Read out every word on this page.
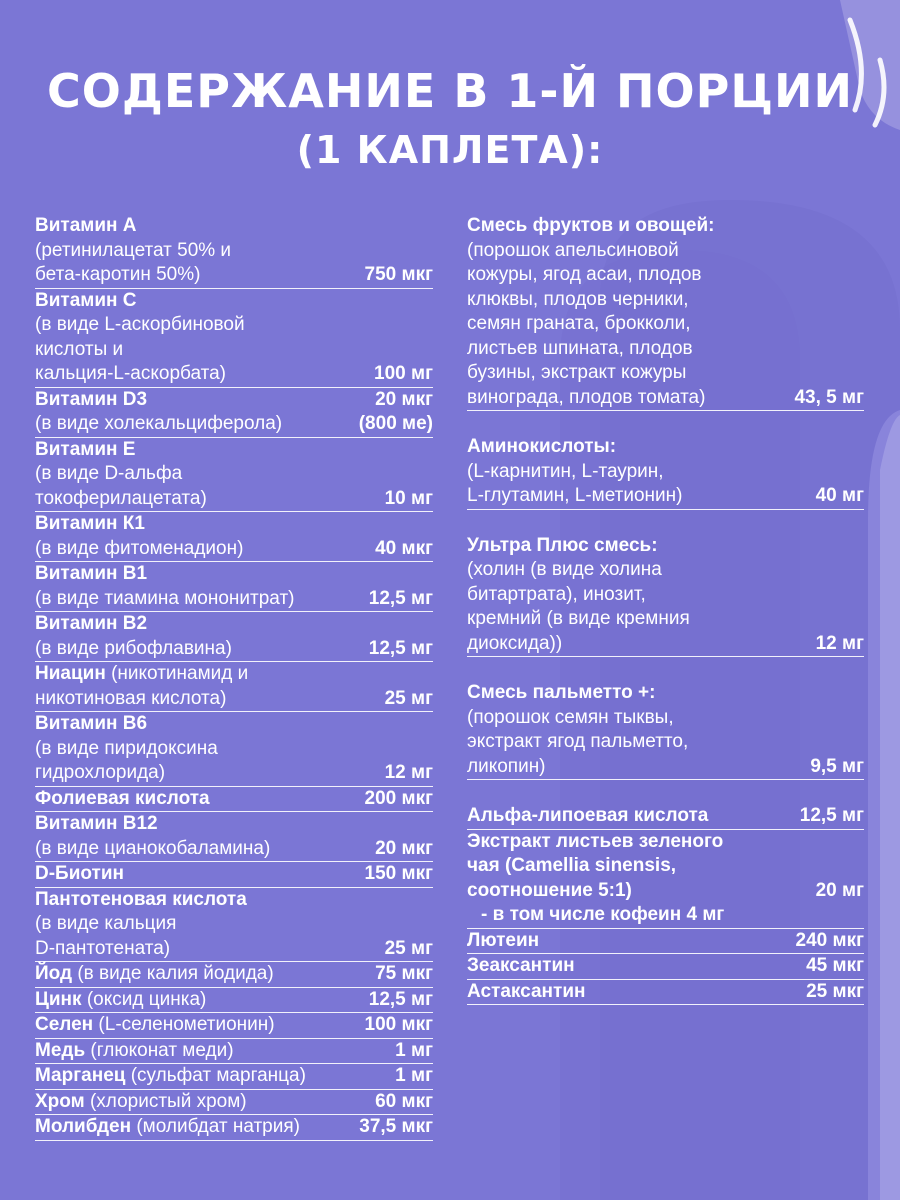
СОДЕРЖАНИЕ В 1-Й ПОРЦИИ
(1 КАПЛЕТА):
Витамин А
(ретинилацетат 50% и
бета-каротин 50%)	750 мкг
Витамин С
(в виде L-аскорбиновой
кислоты и
кальция-L-аскорбата)	100 мг
Витамин D3	20 мкг
(в виде холекальциферола)	(800 ме)
Витамин Е
(в виде D-альфа
токоферилацетата)	10 мг
Витамин К1
(в виде фитоменадион)	40 мкг
Витамин В1
(в виде тиамина мононитрат)	12,5 мг
Витамин В2
(в виде рибофлавина)	12,5 мг
Ниацин (никотинамид и
никотиновая кислота)	25 мг
Витамин В6
(в виде пиридоксина
гидрохлорида)	12 мг
Фолиевая кислота	200 мкг
Витамин В12
(в виде цианокобаламина)	20 мкг
D-Биотин	150 мкг
Пантотеновая кислота
(в виде кальция
D-пантотената)	25 мг
Йод (в виде калия йодида)	75 мкг
Цинк (оксид цинка)	12,5 мг
Селен (L-селенометионин)	100 мкг
Медь (глюконат меди)	1 мг
Марганец (сульфат марганца)	1 мг
Хром (хлористый хром)	60 мкг
Молибден (молибдат натрия)	37,5 мкг
Смесь фруктов и овощей:
(порошок апельсиновой
кожуры, ягод асаи, плодов
клюквы, плодов черники,
семян граната, брокколи,
листьев шпината, плодов
бузины, экстракт кожуры
винограда, плодов томата)	43, 5 мг
Аминокислоты:
(L-карнитин, L-таурин,
L-глутамин, L-метионин)	40 мг
Ультра Плюс смесь:
(холин (в виде холина
битартрата), инозит,
кремний (в виде кремния
диоксида))	12 мг
Смесь пальметто +:
(порошок семян тыквы,
экстракт ягод пальметто,
ликопин)	9,5 мг
Альфа-липоевая кислота	12,5 мг
Экстракт листьев зеленого
чая (Camellia sinensis,
соотношение 5:1)	20 мг
- в том числе кофеин 4 мг
Лютеин	240 мкг
Зеаксантин	45 мкг
Астаксантин	25 мкг
